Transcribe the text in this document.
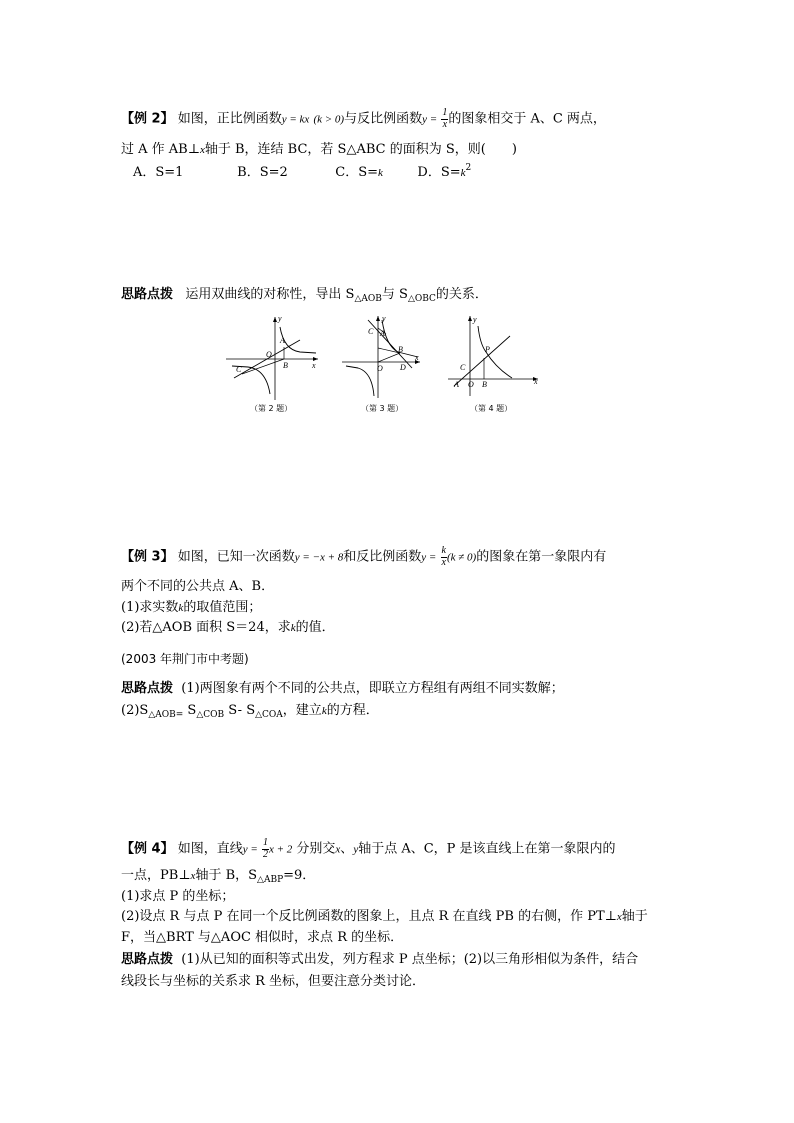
【例 2】 如图，正比例函数y = kx (k > 0)与反比例函数$y = \frac{1}{x}$ 的图象相交于 A、C 两点，
过 A 作 AB⊥x轴于 B，连结 BC，若 S△ABC 的面积为 S，则(　　)
A．S=1	B．S=2	C．S=k	D．$S=k^2$
思路点拨 运用双曲线的对称性，导出 $S_{\triangle AOB}$与 $S_{\triangle OBC}$的关系．
y
x
A
O
B
C
y
x
C A
B
O D
y
x
P
C
A O B
（第 2 题）	（第 3 题）	（第 4 题）
【例 3】 如图，已知一次函数y = −x + 8和反比例函数$y = \frac{k}{x} (k \ne 0)$的图象在第一象限内有
两个不同的公共点 A、B．
(1)求实数k的取值范围；
(2)若△AOB 面积 S＝24，求k的值．
(2003 年荆门市中考题)
思路点拨 (1)两图象有两个不同的公共点，即联立方程组有两组不同实数解；
$(2)S_{\triangle AOB=}$ $S_{\triangle COB}$ S- $S_{\triangle COA}$，建立k的方程．
【例 4】 如图，直线$y = \frac{1}{2}$ x + 2 分别交x、y轴于点 A、C，P 是该直线上在第一象限内的
一点，PB⊥x轴于 B，$S_{\triangle ABP}=9$．
(1)求点 P 的坐标；
(2)设点 R 与点 P 在同一个反比例函数的图象上，且点 R 在直线 PB 的右侧，作 PT⊥x轴于
F，当△BRT 与△AOC 相似时，求点 R 的坐标．
思路点拨 (1)从已知的面积等式出发，列方程求 P 点坐标；(2)以三角形相似为条件，结合
线段长与坐标的关系求 R 坐标，但要注意分类讨论．
